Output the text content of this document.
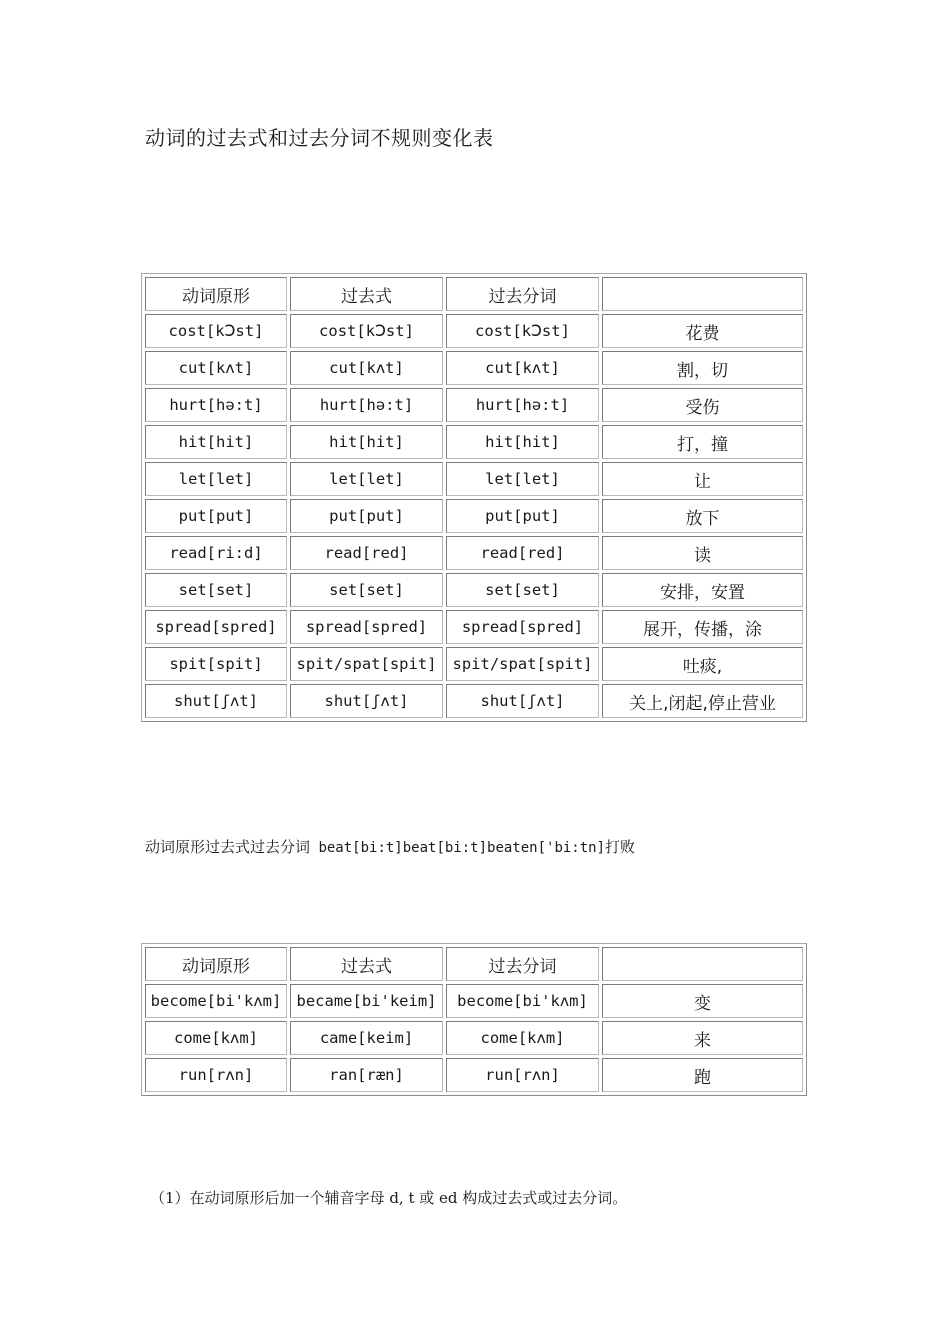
动词的过去式和过去分词不规则变化表
动词原形	过去式	过去分词	
cost[kↃst]	cost[kↃst]	cost[kↃst]	花费
cut[kʌt]	cut[kʌt]	cut[kʌt]	割，切
hurt[hə:t]	hurt[hə:t]	hurt[hə:t]	受伤
hit[hit]	hit[hit]	hit[hit]	打，撞
let[let]	let[let]	let[let]	让
put[put]	put[put]	put[put]	放下
read[ri:d]	read[red]	read[red]	读
set[set]	set[set]	set[set]	安排，安置
spread[spred]	spread[spred]	spread[spred]	展开，传播，涂
spit[spit]	spit/spat[spit]	spit/spat[spit]	吐痰,
shut[ʃʌt]	shut[ʃʌt]	shut[ʃʌt]	关上,闭起,停止营业
动词原形过去式过去分词 beat[bi:t]beat[bi:t]beaten['bi:tn]打败
动词原形	过去式	过去分词	
become[bi'kʌm]	became[bi'keim]	become[bi'kʌm]	变
come[kʌm]	came[keim]	come[kʌm]	来
run[rʌn]	ran[ræn]	run[rʌn]	跑
（1）在动词原形后加一个辅音字母 d, t 或 ed 构成过去式或过去分词。
